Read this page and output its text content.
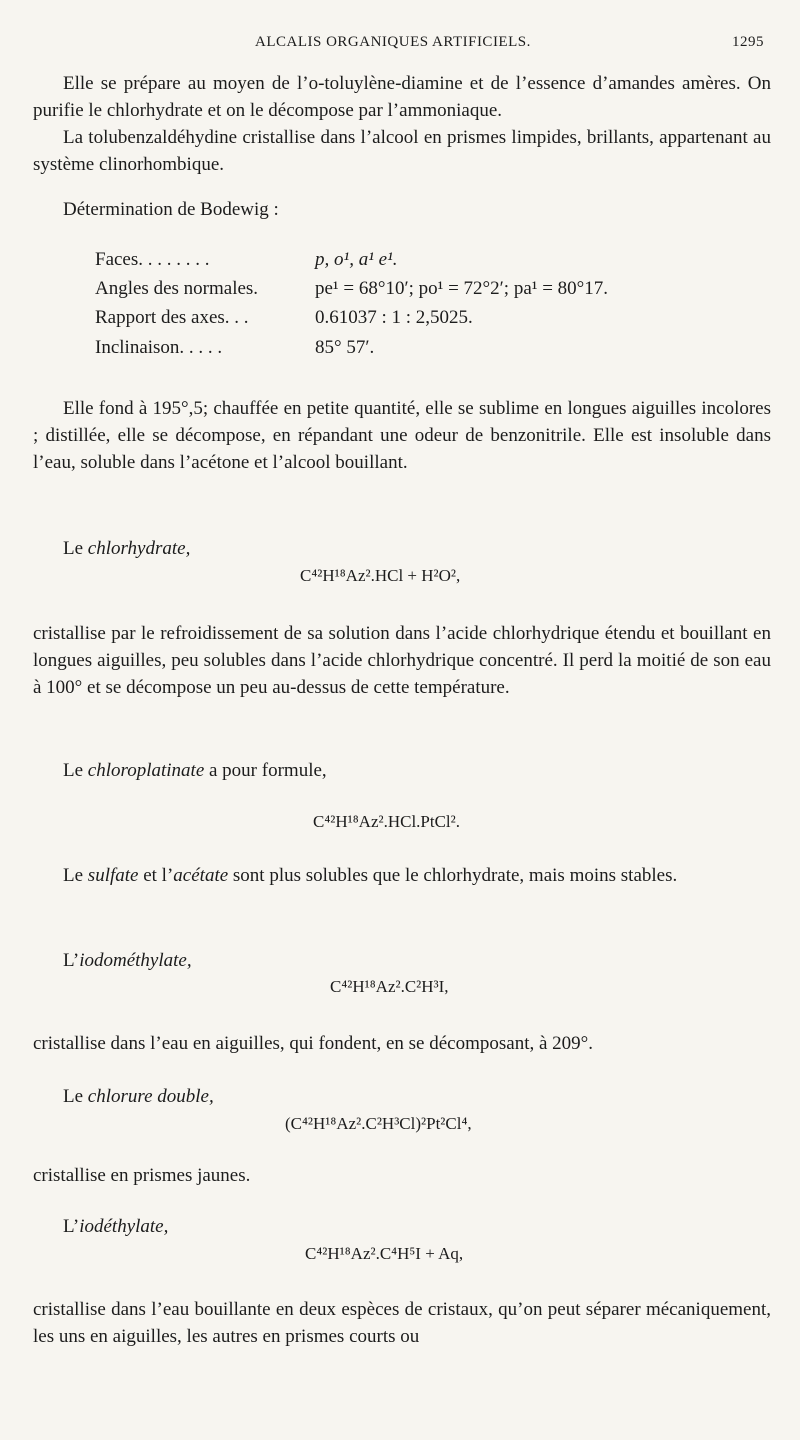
ALCALIS ORGANIQUES ARTIFICIELS.	1295

Elle se prépare au moyen de l’o-toluylène-diamine et de l’essence d’amandes amères. On purifie le chlorhydrate et on le décompose par l’ammoniaque.

La tolubenzaldéhydine cristallise dans l’alcool en prismes limpides, brillants, appartenant au système clinorhombique.

Détermination de Bodewig :

Faces. . . . . . . .	p, o¹, a¹ e¹.
Angles des normales.	pe¹ = 68°10′; po¹ = 72°2′; pa¹ = 80°17.
Rapport des axes. . .	0.61037 : 1 : 2,5025.
Inclinaison. . . . .	85° 57′.

Elle fond à 195°,5; chauffée en petite quantité, elle se sublime en longues aiguilles incolores ; distillée, elle se décompose, en répandant une odeur de benzonitrile. Elle est insoluble dans l’eau, soluble dans l’acétone et l’alcool bouillant.

Le chlorhydrate,
C⁴²H¹⁸Az².HCl + H²O²,

cristallise par le refroidissement de sa solution dans l’acide chlorhydrique étendu et bouillant en longues aiguilles, peu solubles dans l’acide chlorhydrique concentré. Il perd la moitié de son eau à 100° et se décompose un peu au-dessus de cette température.

Le chloroplatinate a pour formule,
C⁴²H¹⁸Az².HCl.PtCl².

Le sulfate et l’acétate sont plus solubles que le chlorhydrate, mais moins stables.

L’iodométhylate,
C⁴²H¹⁸Az².C²H³I,

cristallise dans l’eau en aiguilles, qui fondent, en se décomposant, à 209°.

Le chlorure double,
(C⁴²H¹⁸Az².C²H³Cl)²Pt²Cl⁴,

cristallise en prismes jaunes.

L’iodéthylate,
C⁴²H¹⁸Az².C⁴H⁵I + Aq,

cristallise dans l’eau bouillante en deux espèces de cristaux, qu’on peut séparer mécaniquement, les uns en aiguilles, les autres en prismes courts ou
